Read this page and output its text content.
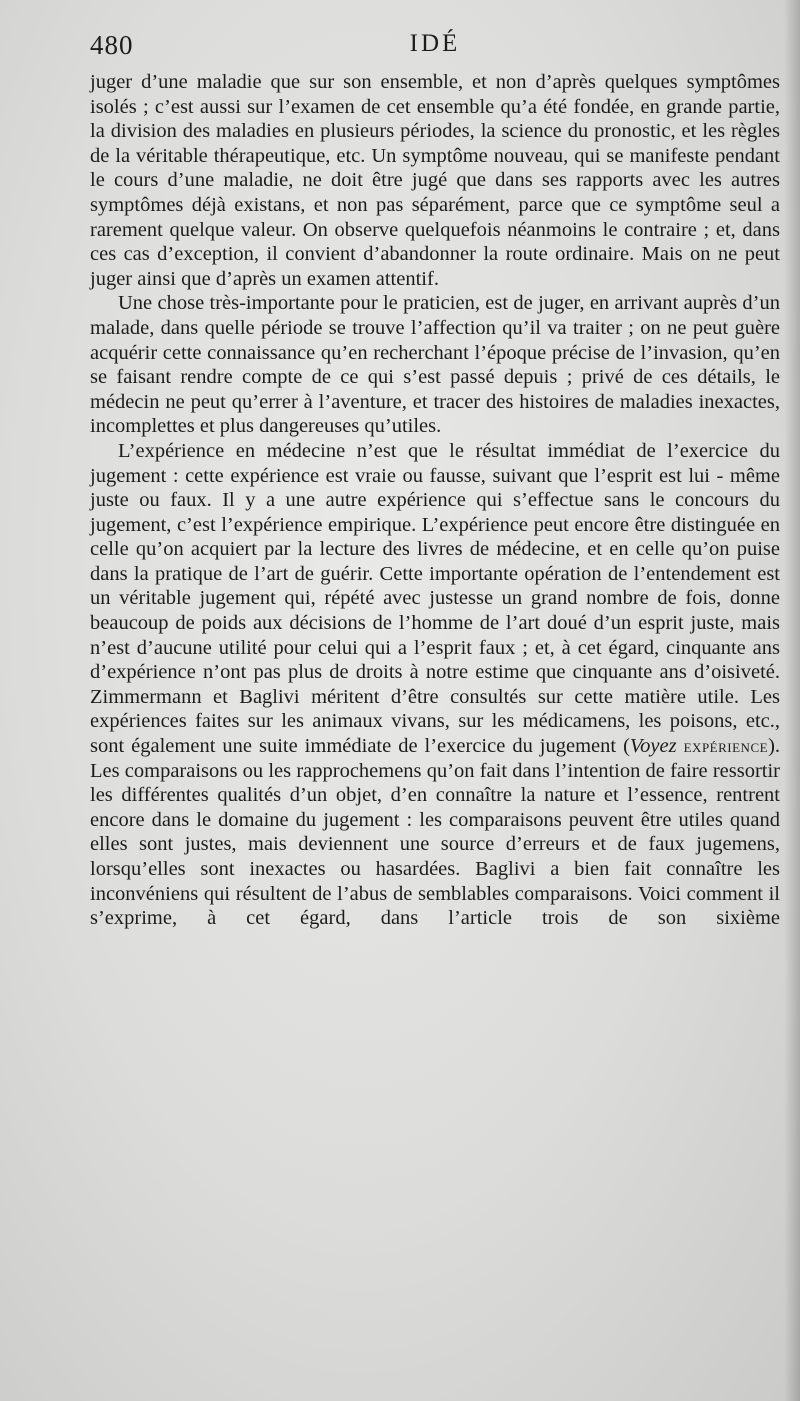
480	IDÉ

juger d’une maladie que sur son ensemble, et non d’après quelques symptômes isolés ; c’est aussi sur l’examen de cet ensemble qu’a été fondée, en grande partie, la division des maladies en plusieurs périodes, la science du pronostic, et les règles de la véritable thérapeutique, etc. Un symptôme nouveau, qui se manifeste pendant le cours d’une maladie, ne doit être jugé que dans ses rapports avec les autres symptômes déjà existans, et non pas séparément, parce que ce symptôme seul a rarement quelque valeur. On observe quelquefois néanmoins le contraire ; et, dans ces cas d’exception, il convient d’abandonner la route ordinaire. Mais on ne peut juger ainsi que d’après un examen attentif.

Une chose très-importante pour le praticien, est de juger, en arrivant auprès d’un malade, dans quelle période se trouve l’affection qu’il va traiter ; on ne peut guère acquérir cette connaissance qu’en recherchant l’époque précise de l’invasion, qu’en se faisant rendre compte de ce qui s’est passé depuis ; privé de ces détails, le médecin ne peut qu’errer à l’aventure, et tracer des histoires de maladies inexactes, incomplettes et plus dangereuses qu’utiles.

L’expérience en médecine n’est que le résultat immédiat de l’exercice du jugement : cette expérience est vraie ou fausse, suivant que l’esprit est lui - même juste ou faux. Il y a une autre expérience qui s’effectue sans le concours du jugement, c’est l’expérience empirique. L’expérience peut encore être distinguée en celle qu’on acquiert par la lecture des livres de médecine, et en celle qu’on puise dans la pratique de l’art de guérir. Cette importante opération de l’entendement est un véritable jugement qui, répété avec justesse un grand nombre de fois, donne beaucoup de poids aux décisions de l’homme de l’art doué d’un esprit juste, mais n’est d’aucune utilité pour celui qui a l’esprit faux ; et, à cet égard, cinquante ans d’expérience n’ont pas plus de droits à notre estime que cinquante ans d’oisiveté. Zimmermann et Baglivi méritent d’être consultés sur cette matière utile. Les expériences faites sur les animaux vivans, sur les médicamens, les poisons, etc., sont également une suite immédiate de l’exercice du jugement (Voyez expérience). Les comparaisons ou les rapprochemens qu’on fait dans l’intention de faire ressortir les différentes qualités d’un objet, d’en connaître la nature et l’essence, rentrent encore dans le domaine du jugement : les comparaisons peuvent être utiles quand elles sont justes, mais deviennent une source d’erreurs et de faux jugemens, lorsqu’elles sont inexactes ou hasardées. Baglivi a bien fait connaître les inconvéniens qui résultent de l’abus de semblables comparaisons. Voici comment il s’exprime, à cet égard, dans l’article trois de son sixième
